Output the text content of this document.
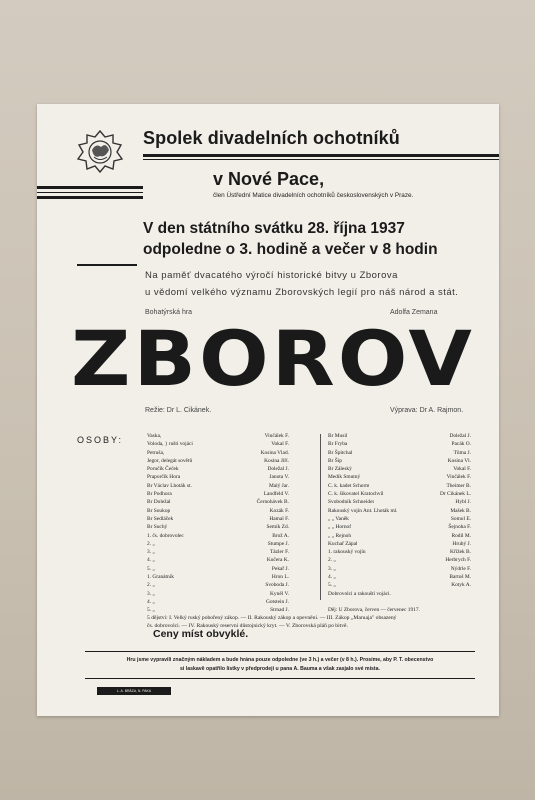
Spolek divadelních ochotníků
v Nové Pace,
člen Ústřední Matice divadelních ochotníků československých v Praze.
V den státního svátku 28. října 1937
odpoledne o 3. hodině a večer v 8 hodin
Na paměť dvacatého výročí historické bitvy u Zborova
u vědomí velkého významu Zborovských legií pro náš národ a stát.
Bohatýrská hra	Adolfa Zemana
ZBOROV
Režie: Dr L. Cikánek.	Výprava: Dr A. Rajmon.
OSOBY:	Vaska,	Vinčálek F.
Voloda, } ruští vojáci	Vokal F.
Petruša,	Kosina Vlad.
Jegor, delegát sovětů	Kosina Jiří.
Poručík Čeček	Doležal J.
Praporčík Hora	Janota V.
Br Václav Lhoták st.	Malý Jar.
Br Podhora	Landfeld V.
Br Doležal	Černohávek B.
Br Soukop	Kozák F.
Br Sedláček	Hamal F.
Br Suchý	Semík Zd.
1. čs. dobrovolec	Brož A.
2. „	Stumpe J.
3. „	Tázler F.
4. „	Kučera K.
5. „	Pekař J.
1. Granátník	Hron L.
2. „	Svoboda J.
3. „	Kyněl V.
4. „	Gotstein J.
5. „	Strnad J.
Br Musil	Doležal J.
Br Fryba	Pacák O.
Br Špitchal	Tůma J.
Br Šip	Kosina Vl.
Br Záleský	Vokal F.
Medik Smutný	Vinčálek F.
C. k. kadet Schorm	Theimer B.
C. k. šikovatel Kratochvíl	Dr Cikánek L.
Svobodník Schneider	Hybl J.
Rakouský vojín Ant. Lhoták ml.	Mašek B.
„ „ Vaněk	Somol E.
„ „ Hornof	Šejnoha F.
„ „ Rejnoh	Rodil M.
Kuchař Zápal	Hrubý J.
1. rakouský vojín	Křížek B.
2. „	Herbrych F.
3. „	Nýdrle F.
4. „	Bartoš M.
5. „	Kotyk A.
Dobrovolci a rakouští vojáci.
Děj: U Zborova, červen — červenec 1917.
5 dějství: I. Velký ruský pobořený zákop. — II. Rakouský zákop a opevnění. — III. Zákop „Maruaja" obsazený
čs. dobrovolci. — IV. Rakouský reservní důstojnický kryt. — V. Zborovská pláň po bitvě.
Ceny míst obvyklé.
Hru jsme vypravili značným nákladem a bude hrána pouze odpoledne (ve 3 h.) a večer (v 8 h.). Prosíme, aby P. T. obecenstvo
si laskavě opatřilo lístky v předprodeji u pana A. Baumа a však zasjalo své místa.
L. A. BRÁZA, N. PAKA
